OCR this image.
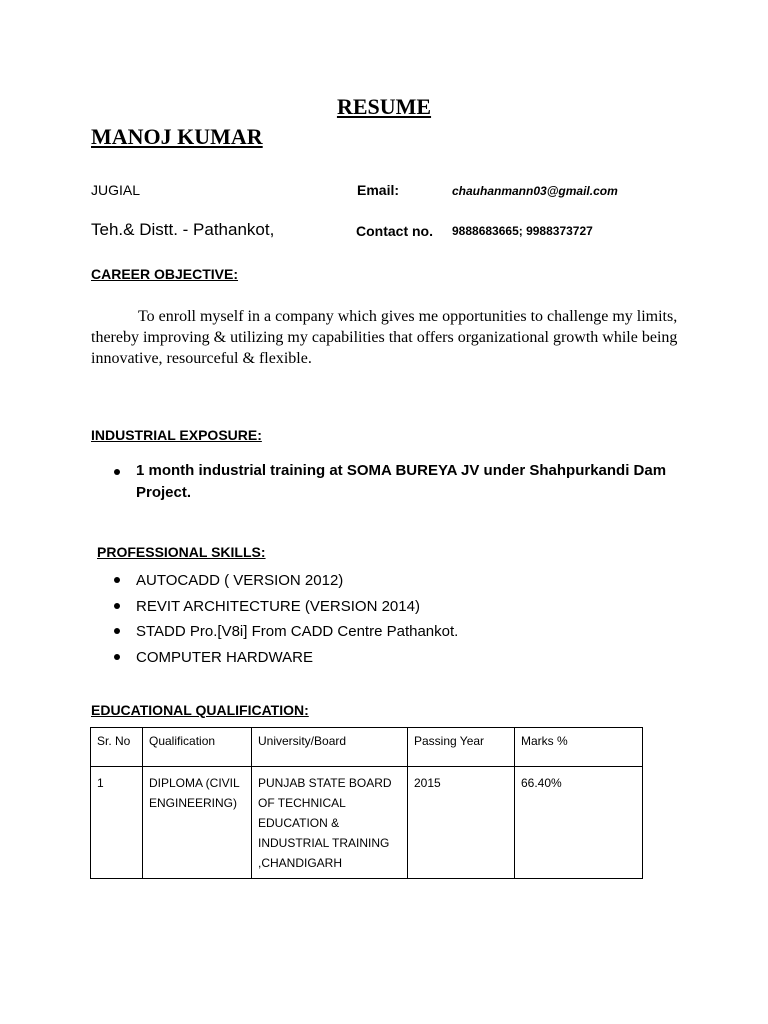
RESUME
MANOJ KUMAR
JUGIAL	Email:	chauhanmann03@gmail.com
Teh.& Distt. - Pathankot,	Contact no. 9888683665; 9988373727
CAREER OBJECTIVE:
To enroll myself in a company which gives me opportunities to challenge my limits, thereby improving & utilizing my capabilities that offers organizational growth while being innovative, resourceful & flexible.
INDUSTRIAL EXPOSURE:
1 month industrial training at SOMA BUREYA JV under Shahpurkandi Dam Project.
PROFESSIONAL SKILLS:
AUTOCADD ( VERSION 2012)
REVIT ARCHITECTURE (VERSION 2014)
STADD Pro.[V8i] From CADD Centre Pathankot.
COMPUTER HARDWARE
EDUCATIONAL QUALIFICATION:
Sr. No	Qualification	University/Board	Passing Year	Marks %
1	DIPLOMA (CIVIL ENGINEERING)	PUNJAB STATE BOARD OF TECHNICAL EDUCATION & INDUSTRIAL TRAINING ,CHANDIGARH	2015	66.40%
